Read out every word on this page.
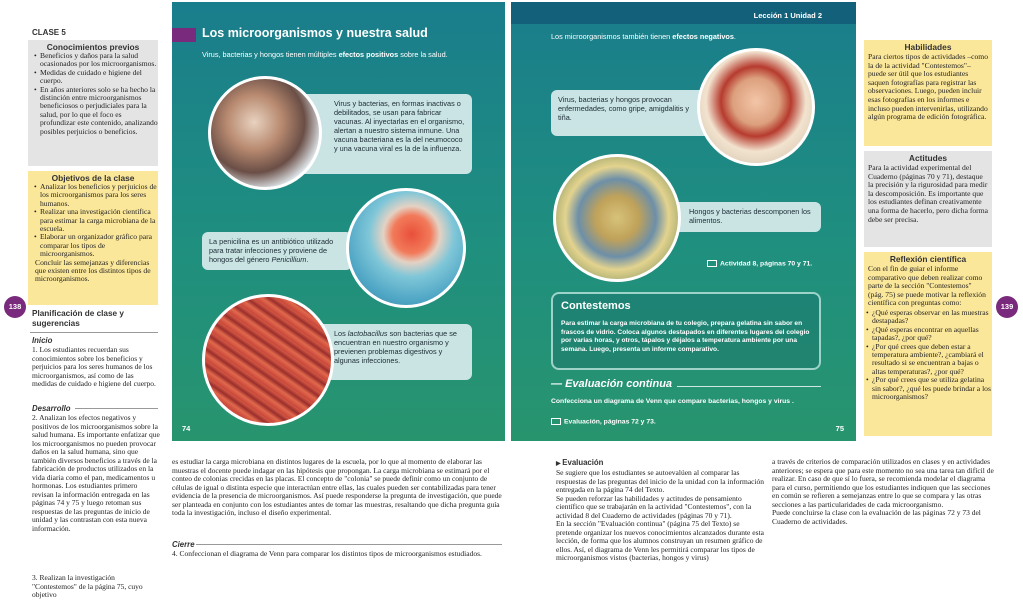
CLASE 5
Conocimientos previos
• Beneficios y daños para la salud ocasionados por los microorganismos.
• Medidas de cuidado e higiene del cuerpo.
• En años anteriores solo se ha hecho la distinción entre microorganismos beneficiosos o perjudiciales para la salud, por lo que el foco es profundizar este contenido, analizando posibles perjuicios o beneficios.
Objetivos de la clase
• Analizar los beneficios y perjuicios de los microorganismos para los seres humanos.
• Realizar una investigación científica para estimar la carga microbiana de la escuela.
• Elaborar un organizador gráfico para comparar los tipos de microorganismos.
Concluir las semejanzas y diferencias que existen entre los distintos tipos de microorganismos.
138
Planificación de clase y sugerencias
Inicio
1. Los estudiantes recuerdan sus conocimientos sobre los beneficios y perjuicios para los seres humanos de los microorganismos, así como de las medidas de cuidado e higiene del cuerpo.
Desarrollo
2. Analizan los efectos negativos y positivos de los microorganismos sobre la salud humana. Es importante enfatizar que los microorganismos no pueden provocar daños en la salud humana, sino que también diversos beneficios a través de la fabricación de productos utilizados en la vida diaria como el pan, medicamentos u hormonas. Los estudiantes primero revisan la información entregada en las páginas 74 y 75 y luego retoman sus respuestas de las preguntas de inicio de unidad y las contrastan con esta nueva información.
3. Realizan la investigación "Contestemos" de la página 75, cuyo objetivo
Los microorganismos y nuestra salud
Virus, bacterias y hongos tienen múltiples efectos positivos sobre la salud.
Virus y bacterias, en formas inactivas o debilitados, se usan para fabricar vacunas. Al inyectarlas en el organismo, alertan a nuestro sistema inmune. Una vacuna bacteriana es la del neumococo y una vacuna viral es la de la influenza.
La penicilina es un antibiótico utilizado para tratar infecciones y proviene de hongos del género Penicillium.
Los lactobacillus son bacterias que se encuentran en nuestro organismo y previenen problemas digestivos y algunas infecciones.
74
Lección 1 Unidad 2
Los microorganismos también tienen efectos negativos.
Virus, bacterias y hongos provocan enfermedades, como gripe, amigdalitis y tiña.
Hongos y bacterias descomponen los alimentos.
Actividad 8, páginas 70 y 71.
Contestemos
Para estimar la carga microbiana de tu colegio, prepara gelatina sin sabor en frascos de vidrio. Coloca algunos destapados en diferentes lugares del colegio por varias horas, y otros, tápalos y déjalos a temperatura ambiente por una semana. Luego, presenta un informe comparativo.
— Evaluación continua
Confecciona un diagrama de Venn que compare bacterias, hongos y virus .
Evaluación, páginas 72 y 73.
75
Habilidades
Para ciertos tipos de actividades –como la de la actividad "Contestemos"– puede ser útil que los estudiantes saquen fotografías para registrar las observaciones. Luego, pueden incluir esas fotografías en los informes e incluso pueden intervenirlas, utilizando algún programa de edición fotográfica.
Actitudes
Para la actividad experimental del Cuaderno (páginas 70 y 71), destaque la precisión y la rigurosidad para medir la descomposición. Es importante que los estudiantes definan creativamente una forma de hacerlo, pero dicha forma debe ser precisa.
Reflexión científica
Con el fin de guiar el informe comparativo que deben realizar como parte de la sección "Contestemos" (pág. 75) se puede motivar la reflexión científica con preguntas como:
• ¿Qué esperas observar en las muestras destapadas?
• ¿Qué esperas encontrar en aquellas tapadas?, ¿por qué?
• ¿Por qué crees que deben estar a temperatura ambiente?, ¿cambiará el resultado si se encuentran a bajas o altas temperaturas?, ¿por qué?
• ¿Por qué crees que se utiliza gelatina sin sabor?, ¿qué les puede brindar a los microorganismos?
139
es estudiar la carga microbiana en distintos lugares de la escuela, por lo que al momento de elaborar las muestras el docente puede indagar en las hipótesis que propongan. La carga microbiana se estimará por el conteo de colonias crecidas en las placas. El concepto de "colonia" se puede definir como un conjunto de células de igual o distinta especie que interactúan entre ellas, las cuales pueden ser contabilizadas para tener evidencia de la presencia de microorganismos. Así puede responderse la pregunta de investigación, que puede ser planteada en conjunto con los estudiantes antes de tomar las muestras, resaltando que dicha pregunta guía toda la investigación, incluso el diseño experimental.
Cierre
4. Confeccionan el diagrama de Venn para comparar los distintos tipos de microorganismos estudiados.
▶ Evaluación
Se sugiere que los estudiantes se autoevalúen al comparar las respuestas de las preguntas del inicio de la unidad con la información entregada en la página 74 del Texto.
Se pueden reforzar las habilidades y actitudes de pensamiento científico que se trabajarán en la actividad "Contestemos", con la actividad 8 del Cuaderno de actividades (páginas 70 y 71).
En la sección "Evaluación continua" (página 75 del Texto) se pretende organizar los nuevos conocimientos alcanzados durante esta lección, de forma que los alumnos construyan un resumen gráfico de ellos. Así, el diagrama de Venn les permitirá comparar los tipos de microorganismos vistos (bacterias, hongos y virus)
a través de criterios de comparación utilizados en clases y en actividades anteriores; se espera que para este momento no sea una tarea tan difícil de realizar. En caso de que sí lo fuera, se recomienda modelar el diagrama para el curso, permitiendo que los estudiantes indiquen que las secciones en común se refieren a semejanzas entre lo que se compara y las otras secciones a las particularidades de cada microorganismo.
Puede concluirse la clase con la evaluación de las páginas 72 y 73 del Cuaderno de actividades.
